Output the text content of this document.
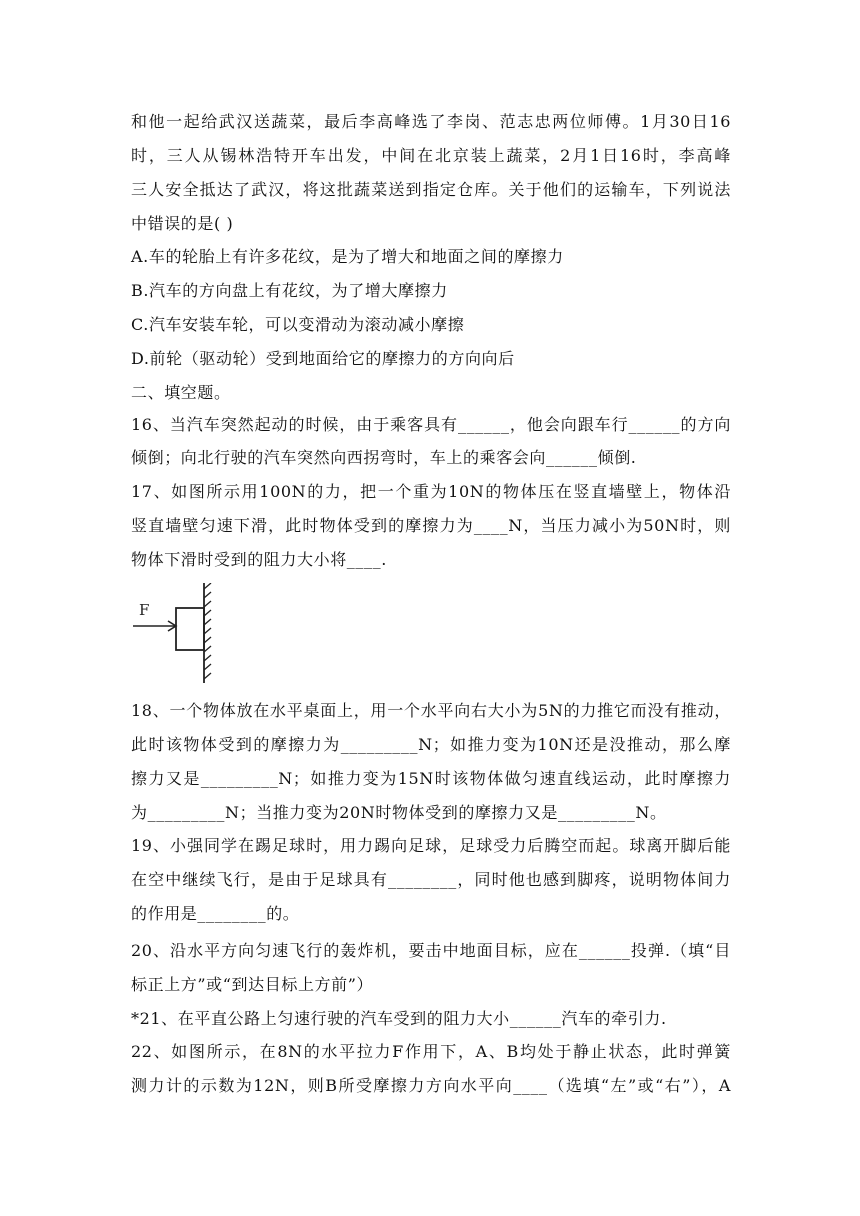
和他一起给武汉送蔬菜，最后李高峰选了李岗、范志忠两位师傅。1月30日16
时，三人从锡林浩特开车出发，中间在北京装上蔬菜，2月1日16时，李高峰
三人安全抵达了武汉，将这批蔬菜送到指定仓库。关于他们的运输车，下列说法
中错误的是( )
A.车的轮胎上有许多花纹，是为了增大和地面之间的摩擦力
B.汽车的方向盘上有花纹，为了增大摩擦力
C.汽车安装车轮，可以变滑动为滚动减小摩擦
D.前轮（驱动轮）受到地面给它的摩擦力的方向向后
二、填空题。
16、当汽车突然起动的时候，由于乘客具有______，他会向跟车行______的方向
倾倒；向北行驶的汽车突然向西拐弯时，车上的乘客会向______倾倒.
17、如图所示用100N的力，把一个重为10N的物体压在竖直墙壁上，物体沿
竖直墙壁匀速下滑，此时物体受到的摩擦力为____N，当压力减小为50N时，则
物体下滑时受到的阻力大小将____.
F
18、一个物体放在水平桌面上，用一个水平向右大小为5N的力推它而没有推动，
此时该物体受到的摩擦力为_________N；如推力变为10N还是没推动，那么摩
擦力又是_________N；如推力变为15N时该物体做匀速直线运动，此时摩擦力
为_________N；当推力变为20N时物体受到的摩擦力又是_________N。
19、小强同学在踢足球时，用力踢向足球，足球受力后腾空而起。球离开脚后能
在空中继续飞行，是由于足球具有________，同时他也感到脚疼，说明物体间力
的作用是________的。
20、沿水平方向匀速飞行的轰炸机，要击中地面目标，应在______投弹.（填“目
标正上方”或“到达目标上方前”）
*21、在平直公路上匀速行驶的汽车受到的阻力大小______汽车的牵引力.
22、如图所示，在8N的水平拉力F作用下，A、B均处于静止状态，此时弹簧
测力计的示数为12N，则B所受摩擦力方向水平向____（选填“左”或“右”），A
